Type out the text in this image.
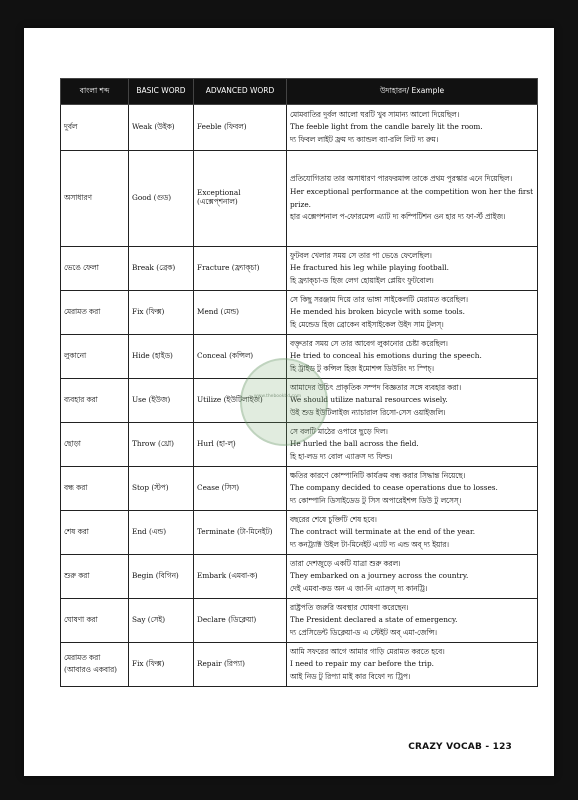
বাংলা শব্দ	BASIC WORD	ADVANCED WORD	উদাহারন/ Example
দুর্বল	Weak (উইক)	Feeble (ফিবল)	মোমবাতির দুর্বল আলো ঘরটি খুব সামান্য আলো দিয়েছিল।
The feeble light from the candle barely lit the room.
দ্য ফিবল লাইট ফ্রম দ্য ক্যান্ডল ব্যা-রলি লিট দ্য রুম।

অসাধারণ	Good (গুড)	Exceptional (এক্সেপ্শনাল)	প্রতিযোগিতায় তার অসাধারণ পারফরমান্স তাকে প্রথম পুরস্কার এনে দিয়েছিল।
Her exceptional performance at the competition won her the first prize.
হার এক্সেপশনাল প-ফোরমেন্স এ্যাট দ্য কম্পিটিশন ওন হার দ্য ফা-র্স্ট প্রাইজ।

ভেঙে ফেলা	Break (ব্রেক)	Fracture (ফ্র্যাক্চা)	ফুটবল খেলার সময় সে তার পা ভেঙে ফেলেছিল।
He fractured his leg while playing football.
হি ফ্র্যাক্চা-ড হিজ লেগ হোয়াইল প্লেয়িং ফুটবোল।

মেরামত করা	Fix (ফিক্স)	Mend (মেন্ড)	সে কিছু সরঞ্জাম দিয়ে তার ভাঙ্গা সাইকেলটি মেরামত করেছিল।
He mended his broken bicycle with some tools.
হি মেন্ডেড হিজ ব্রোকেন বাইসাইকেল উইদ সাম টুলস্।

লুকানো	Hide (হাইড)	Conceal (কন্সিল)	বক্তৃতার সময় সে তার আবেগ লুকানোর চেষ্টা করেছিল।
He tried to conceal his emotions during the speech.
হি ট্রাইড টু কন্সিল হিজ ইমোশন্স ডিউরিং দ্য স্পিচ্।

ব্যবহার করা	Use (ইউজ)	Utilize (ইউটিলাইজ)	আমাদের উচিৎ প্রাকৃতিক সম্পদ বিজ্ঞতার সঙ্গে ব্যবহার করা।
We should utilize natural resources wisely.
উই শুড ইউটিলাইজ ন্যাচারাল রিসো-সেস ওয়াইজলি।

ছোড়া	Throw (থ্রো)	Hurl (হা-ল্)	সে বলটি মাঠের ওপারে ছুড়ে দিল।
He hurled the ball across the field.
হি হা-লড দ্য বোল এ্যাক্রস দ্য ফিল্ড।

বন্ধ করা	Stop (স্টপ)	Cease (সিস)	ক্ষতির কারণে কোম্পানিটি কার্যক্রম বন্ধ করার সিদ্ধান্ত নিয়েছে।
The company decided to cease operations due to losses.
দ্য কোম্পানি ডিসাইডেড টু সিস অপারেইশন্স ডিউ টু লসেস্।

শেষ করা	End (এন্ড)	Terminate (টা-মিনেইট)	বছরের শেষে চুক্তিটি শেষ হবে।
The contract will terminate at the end of the year.
দ্য কনট্র্যাক্ট উইল টা-মিনেইট এ্যাট দ্য এন্ড অব্ দ্য ইয়ার।

শুরু করা	Begin (বিগিন)	Embark (এমবা-ক)	তারা দেশজুড়ে একটি যাত্রা শুরু করল।
They embarked on a journey across the country.
দেই এমবা-কড অন এ জা-নি এ্যাক্রস্ দ্য কানট্রি।

ঘোষণা করা	Say (সেই)	Declare (ডিক্লেয়া)	রাষ্ট্রপতি জরুরি অবস্থার ঘোষণা করেছেন।
The President declared a state of emergency.
দ্য প্রেসিডেন্ট ডিক্লেয়া-ড এ স্টেইট অব্ এমা-জেন্সি।

মেরামত করা (আবারও একবার)	Fix (ফিক্স)	Repair (রিপ্যা)	আমি সফরের আগে আমার গাড়ি মেরামত করতে হবে।
I need to repair my car before the trip.
আই নিড টু রিপ্যা মাই কার বিফো দ্য ট্রিপ।
www.thebookbd.com
CRAZY VOCAB - 123
